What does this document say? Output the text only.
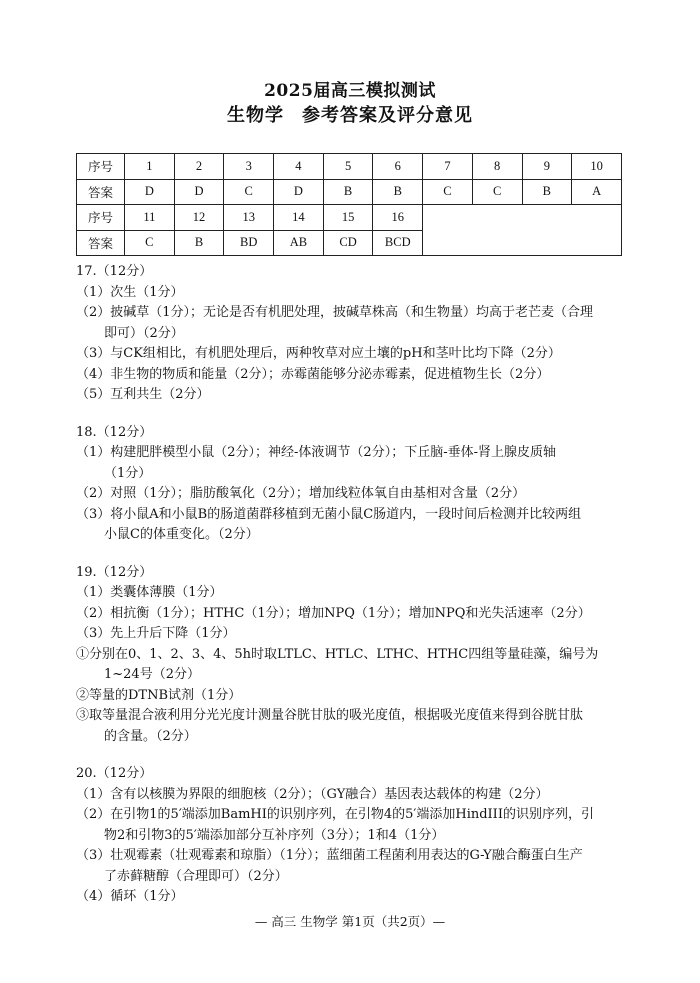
2025届高三模拟测试
生物学 参考答案及评分意见
序号	1	2	3	4	5	6	7	8	9	10
答案	D	D	C	D	B	B	C	C	B	A
序号	11	12	13	14	15	16				
答案	C	B	BD	AB	CD	BCD				
17.（12分）
（1）次生（1分）
（2）披碱草（1分）；无论是否有机肥处理，披碱草株高（和生物量）均高于老芒麦（合理
即可）（2分）
（3）与CK组相比，有机肥处理后，两种牧草对应土壤的pH和茎叶比均下降（2分）
（4）非生物的物质和能量（2分）；赤霉菌能够分泌赤霉素，促进植物生长（2分）
（5）互利共生（2分）
18.（12分）
（1）构建肥胖模型小鼠（2分）；神经-体液调节（2分）；下丘脑-垂体-肾上腺皮质轴
（1分）
（2）对照（1分）；脂肪酸氧化（2分）；增加线粒体氧自由基相对含量（2分）
（3）将小鼠A和小鼠B的肠道菌群移植到无菌小鼠C肠道内，一段时间后检测并比较两组
小鼠C的体重变化。（2分）
19.（12分）
（1）类囊体薄膜（1分）
（2）相抗衡（1分）；HTHC（1分）；增加NPQ（1分）；增加NPQ和光失活速率（2分）
（3）先上升后下降（1分）
①分别在0、1、2、3、4、5h时取LTLC、HTLC、LTHC、HTHC四组等量硅藻，编号为
1~24号（2分）
②等量的DTNB试剂（1分）
③取等量混合液利用分光光度计测量谷胱甘肽的吸光度值，根据吸光度值来得到谷胱甘肽
的含量。（2分）
20.（12分）
（1）含有以核膜为界限的细胞核（2分）；（GY融合）基因表达载体的构建（2分）
（2）在引物1的5′端添加BamHI的识别序列，在引物4的5′端添加HindIII的识别序列，引
物2和引物3的5′端添加部分互补序列（3分）；1和4（1分）
（3）壮观霉素（壮观霉素和琼脂）（1分）；蓝细菌工程菌利用表达的G-Y融合酶蛋白生产
了赤藓糖醇（合理即可）（2分）
（4）循环（1分）
— 高三 生物学 第1页（共2页）—
